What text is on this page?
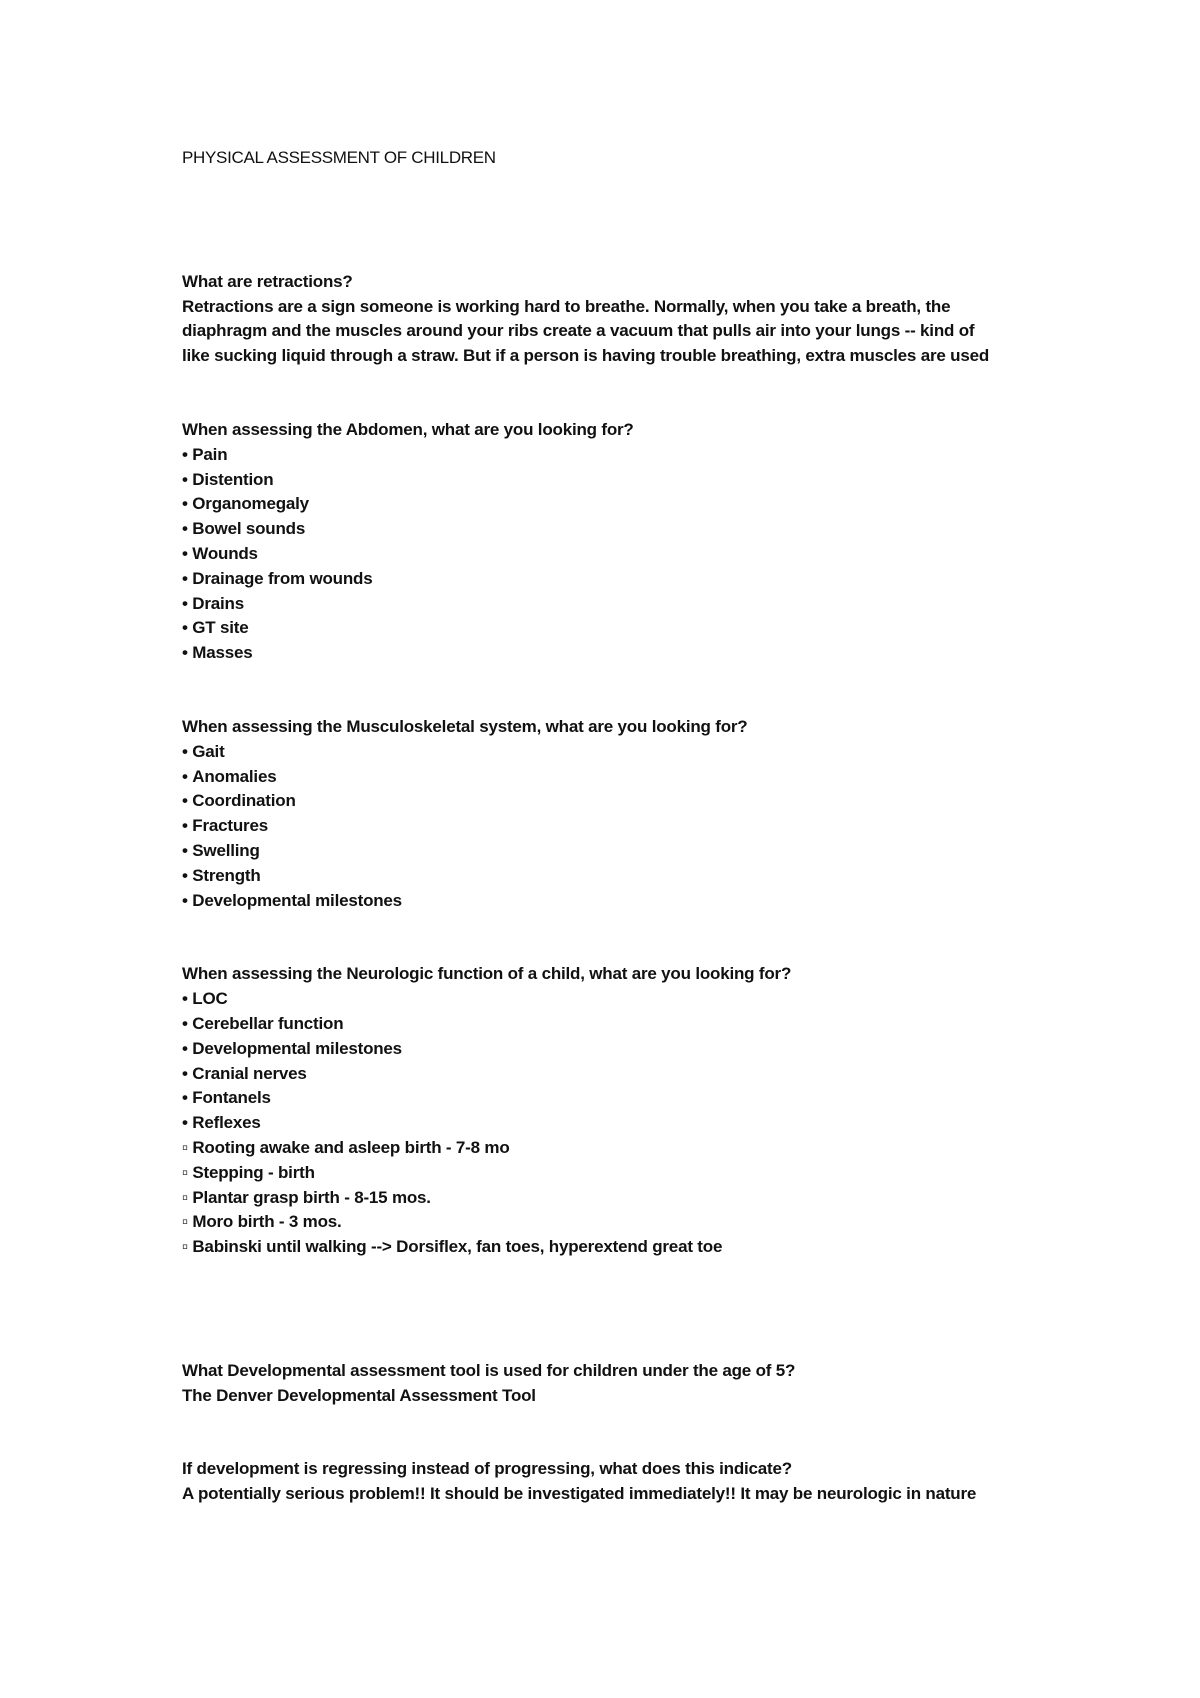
PHYSICAL ASSESSMENT OF CHILDREN
What are retractions?
Retractions are a sign someone is working hard to breathe. Normally, when you take a breath, the
diaphragm and the muscles around your ribs create a vacuum that pulls air into your lungs -- kind of
like sucking liquid through a straw. But if a person is having trouble breathing, extra muscles are used
When assessing the Abdomen, what are you looking for?
• Pain
• Distention
• Organomegaly
• Bowel sounds
• Wounds
• Drainage from wounds
• Drains
• GT site
• Masses
When assessing the Musculoskeletal system, what are you looking for?
• Gait
• Anomalies
• Coordination
• Fractures
• Swelling
• Strength
• Developmental milestones
When assessing the Neurologic function of a child, what are you looking for?
• LOC
• Cerebellar function
• Developmental milestones
• Cranial nerves
• Fontanels
• Reflexes
▫ Rooting awake and asleep birth - 7-8 mo
▫ Stepping - birth
▫ Plantar grasp birth - 8-15 mos.
▫ Moro birth - 3 mos.
▫ Babinski until walking --> Dorsiflex, fan toes, hyperextend great toe
What Developmental assessment tool is used for children under the age of 5?
The Denver Developmental Assessment Tool
If development is regressing instead of progressing, what does this indicate?
A potentially serious problem!! It should be investigated immediately!! It may be neurologic in nature
